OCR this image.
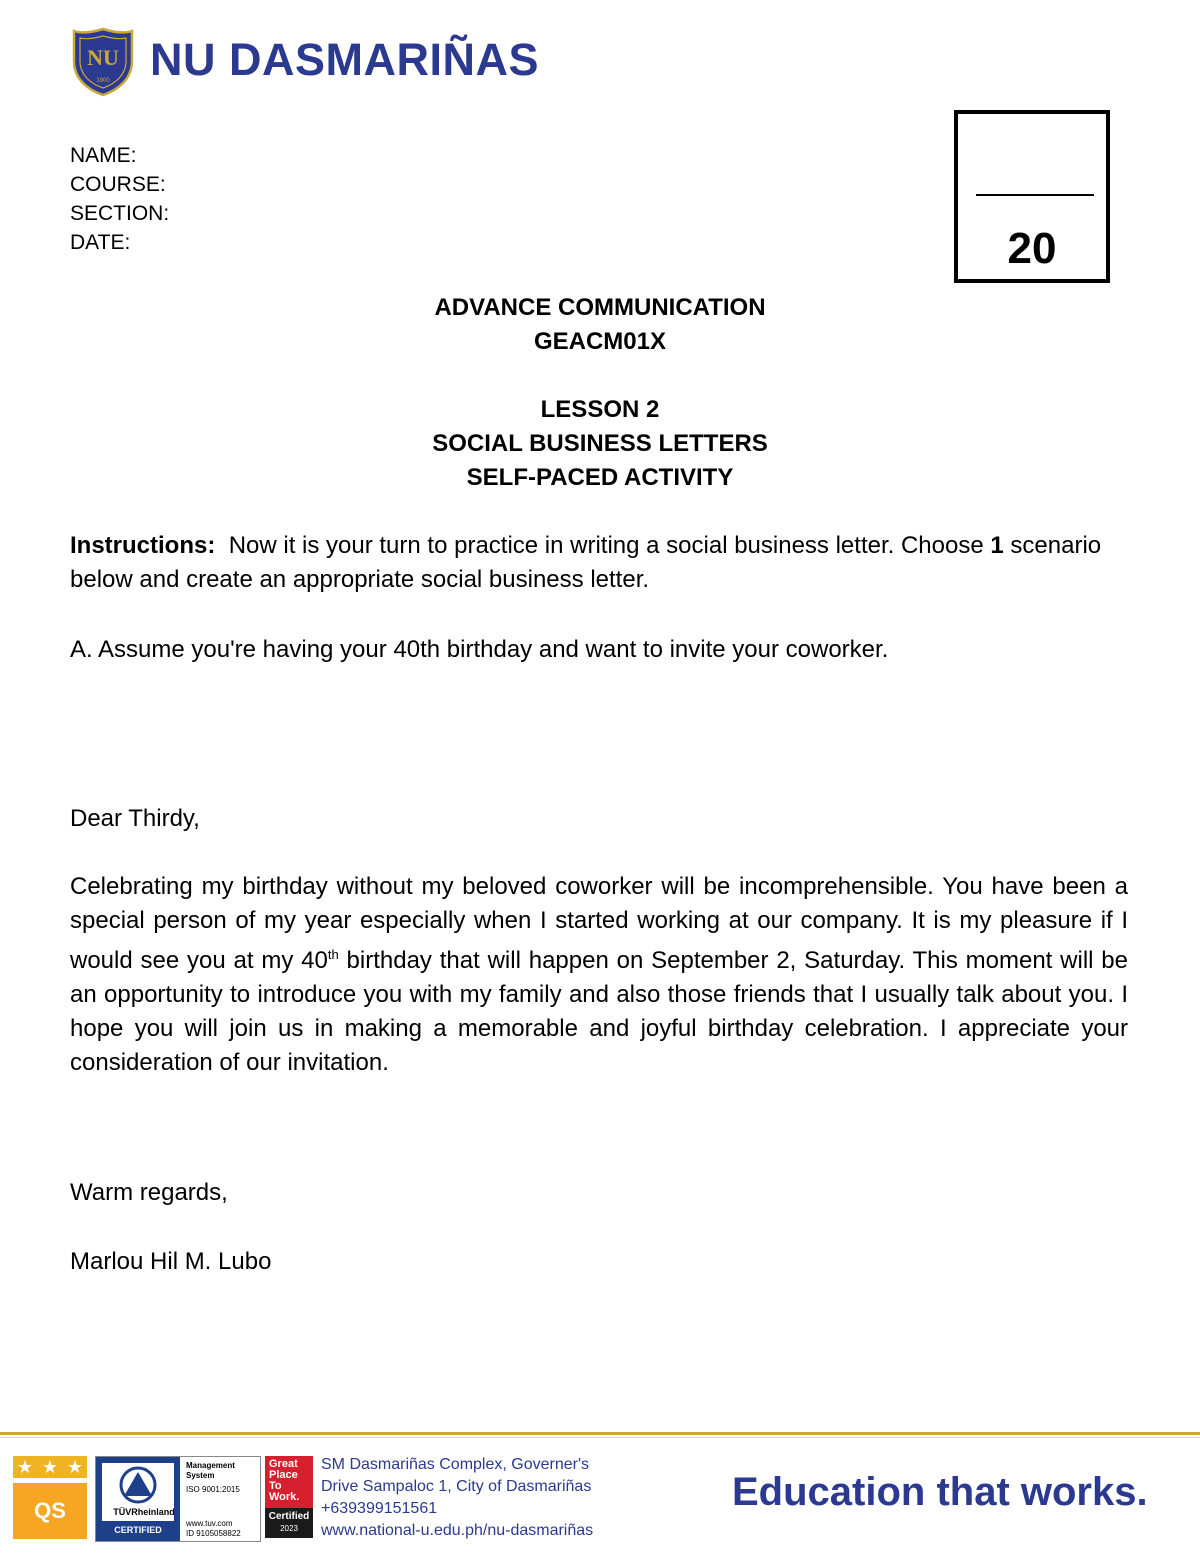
NU
1900 NU DASMARIÑAS
NAME:
COURSE:
SECTION:
DATE:	20
ADVANCE COMMUNICATION
GEACM01X
LESSON 2
SOCIAL BUSINESS LETTERS
SELF-PACED ACTIVITY
Instructions: Now it is your turn to practice in writing a social business letter. Choose 1 scenario below and create an appropriate social business letter.
A. Assume you're having your 40th birthday and want to invite your coworker.
Dear Thirdy,
Celebrating my birthday without my beloved coworker will be incomprehensible. You have been a special person of my year especially when I started working at our company. It is my pleasure if I would see you at my 40th birthday that will happen on September 2, Saturday. This moment will be an opportunity to introduce you with my family and also those friends that I usually talk about you. I hope you will join us in making a memorable and joyful birthday celebration. I appreciate your consideration of our invitation.
Warm regards,
Marlou Hil M. Lubo
★ ★ ★
QS	TÜVRheinland
CERTIFIED
Management
System
ISO 9001:2015
www.tuv.com
ID 9105058822
Great
Place
To
Work.
Certified
2023
SM Dasmariñas Complex, Governer's
Drive Sampaloc 1, City of Dasmariñas
+639399151561
www.national-u.edu.ph/nu-dasmariñas
Education that works.
